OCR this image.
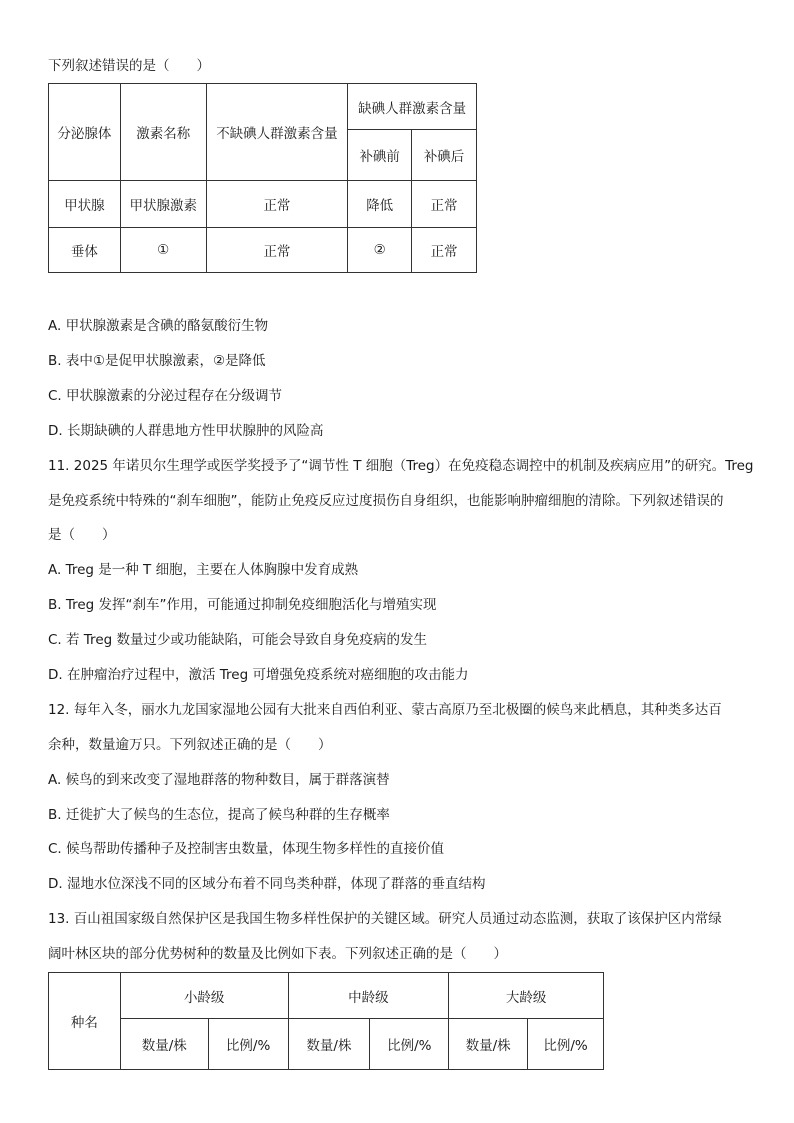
下列叙述错误的是（　　）
分泌腺体	激素名称	不缺碘人群激素含量	缺碘人群激素含量	
			补碘前	补碘后
甲状腺	甲状腺激素	正常	降低	正常
垂体	①	正常	②	正常
A. 甲状腺激素是含碘的酪氨酸衍生物
B. 表中①是促甲状腺激素，②是降低
C. 甲状腺激素的分泌过程存在分级调节
D. 长期缺碘的人群患地方性甲状腺肿的风险高
11. 2025 年诺贝尔生理学或医学奖授予了“调节性 T 细胞（Treg）在免疫稳态调控中的机制及疾病应用”的研究。Treg
是免疫系统中特殊的“刹车细胞”，能防止免疫反应过度损伤自身组织，也能影响肿瘤细胞的清除。下列叙述错误的
是（　　）
A. Treg 是一种 T 细胞，主要在人体胸腺中发育成熟
B. Treg 发挥“刹车”作用，可能通过抑制免疫细胞活化与增殖实现
C. 若 Treg 数量过少或功能缺陷，可能会导致自身免疫病的发生
D. 在肿瘤治疗过程中，激活 Treg 可增强免疫系统对癌细胞的攻击能力
12. 每年入冬，丽水九龙国家湿地公园有大批来自西伯利亚、蒙古高原乃至北极圈的候鸟来此栖息，其种类多达百
余种，数量逾万只。下列叙述正确的是（　　）
A. 候鸟的到来改变了湿地群落的物种数目，属于群落演替
B. 迁徙扩大了候鸟的生态位，提高了候鸟种群的生存概率
C. 候鸟帮助传播种子及控制害虫数量，体现生物多样性的直接价值
D. 湿地水位深浅不同的区域分布着不同鸟类种群，体现了群落的垂直结构
13. 百山祖国家级自然保护区是我国生物多样性保护的关键区域。研究人员通过动态监测，获取了该保护区内常绿
阔叶林区块的部分优势树种的数量及比例如下表。下列叙述正确的是（　　）
种名	小龄级		中龄级		大龄级	
	数量/株	比例/%	数量/株	比例/%	数量/株	比例/%
